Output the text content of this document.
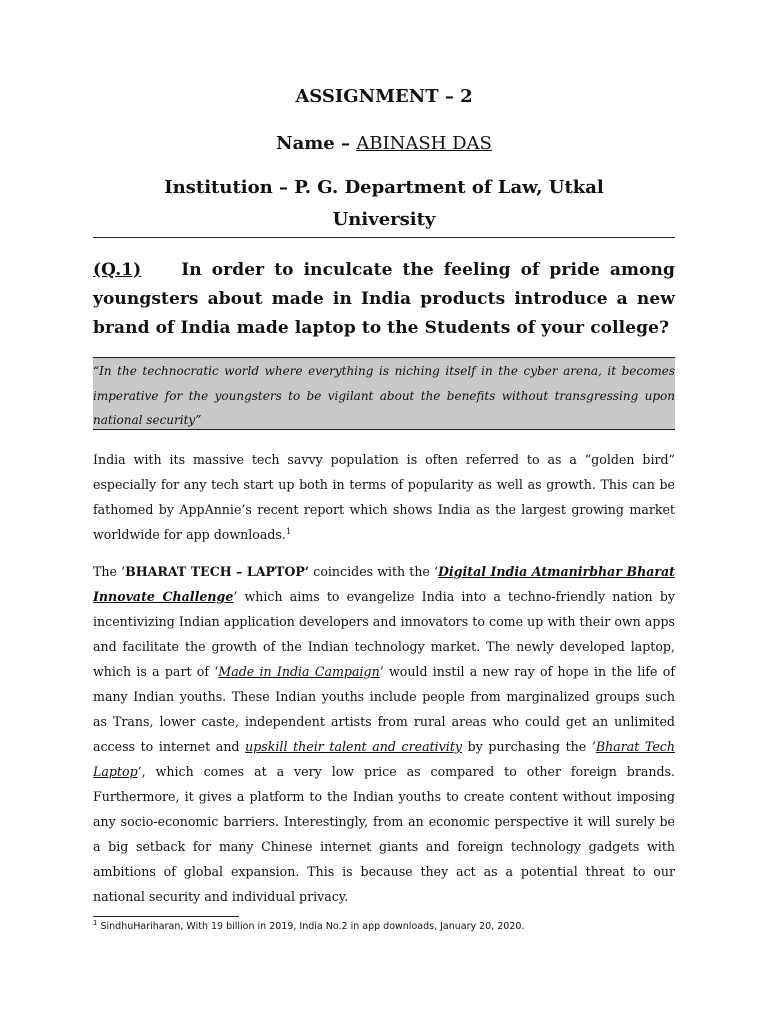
ASSIGNMENT – 2
Name – ABINASH DAS
Institution – P. G. Department of Law, Utkal
University
(Q.1) In order to inculcate the feeling of pride among youngsters about made in India products introduce a new brand of India made laptop to the Students of your college?
“In the technocratic world where everything is niching itself in the cyber arena, it becomes imperative for the youngsters to be vigilant about the benefits without transgressing upon national security”
India with its massive tech savvy population is often referred to as a “golden bird” especially for any tech start up both in terms of popularity as well as growth. This can be fathomed by AppAnnie’s recent report which shows India as the largest growing market worldwide for app downloads.$^1$
The ‘BHARAT TECH – LAPTOP’ coincides with the ‘Digital India Atmanirbhar Bharat Innovate Challenge’ which aims to evangelize India into a techno-friendly nation by incentivizing Indian application developers and innovators to come up with their own apps and facilitate the growth of the Indian technology market. The newly developed laptop, which is a part of ‘Made in India Campaign’ would instil a new ray of hope in the life of many Indian youths. These Indian youths include people from marginalized groups such as Trans, lower caste, independent artists from rural areas who could get an unlimited access to internet and upskill their talent and creativity by purchasing the ‘Bharat Tech Laptop’, which comes at a very low price as compared to other foreign brands. Furthermore, it gives a platform to the Indian youths to create content without imposing any socio-economic barriers. Interestingly, from an economic perspective it will surely be a big setback for many Chinese internet giants and foreign technology gadgets with ambitions of global expansion. This is because they act as a potential threat to our national security and individual privacy.
$^1$ SindhuHariharan, With 19 billion in 2019, India No.2 in app downloads, January 20, 2020.
